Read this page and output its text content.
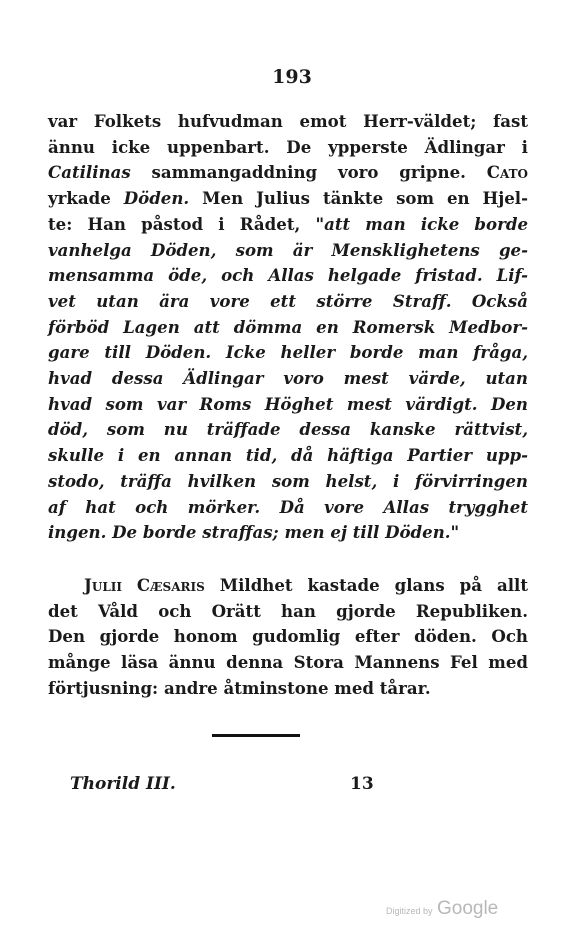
193
var Folkets hufvudman emot Herr-väldet; fast
ännu icke uppenbart. De ypperste Ädlingar i
Catilinas sammangaddning voro gripne. Cato
yrkade Döden. Men Julius tänkte som en Hjel-
te: Han påstod i Rådet, "att man icke borde
vanhelga Döden, som är Mensklighetens ge-
mensamma öde, och Allas helgade fristad. Lif-
vet utan ära vore ett större Straff. Också
förböd Lagen att dömma en Romersk Medbor-
gare till Döden. Icke heller borde man fråga,
hvad dessa Ädlingar voro mest värde, utan
hvad som var Roms Höghet mest värdigt. Den
död, som nu träffade dessa kanske rättvist,
skulle i en annan tid, då häftiga Partier upp-
stodo, träffa hvilken som helst, i förvirringen
af hat och mörker. Då vore Allas trygghet
ingen. De borde straffas; men ej till Döden."
Julii Cæsaris Mildhet kastade glans på allt
det Våld och Orätt han gjorde Republiken.
Den gjorde honom gudomlig efter döden. Och
månge läsa ännu denna Stora Mannens Fel med
förtjusning: andre åtminstone med tårar.
Thorild III.	13
Digitized by Google
